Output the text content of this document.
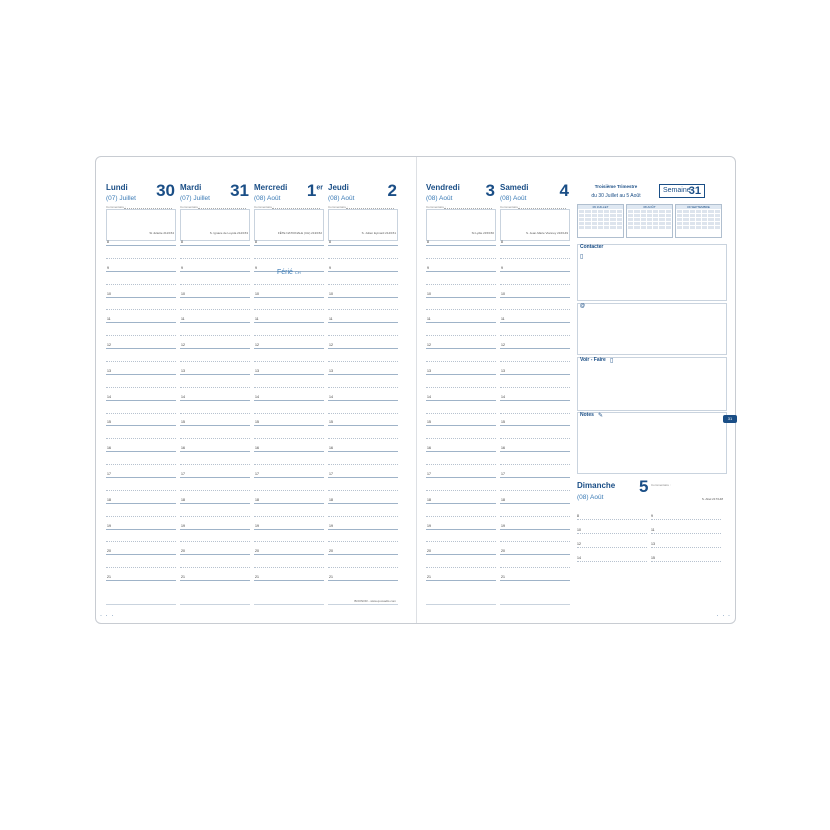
Lundi 30
(07) Juillet
Commentaire :
St Juliette 211/154
8
9
10
11
12
13
14
15
16
17
18
19
20
21
Mardi 31
(07) Juillet
Commentaire :
S. Ignace de Loyola 212/153
8
9
10
11
12
13
14
15
16
17
18
19
20
21
Mercredi 1er
(08) Août
Commentaire :
FÊTE NATIONALE (CH) 213/152
8
9
10
11
12
13
14
15
16
17
18
19
20
21
Férié CH
Jeudi 2
(08) Août
Commentaire :
S. Julien Eymard 214/151
8
9
10
11
12
13
14
15
16
17
18
19
20
21
BOONOR - www.quovadis.com
Troisième Trimestre
du 30 Juillet au 5 Août
Semaine
31
06 JUILLET	08 AOÛT	09 SEPTEMBRE
Contacter
▯
@
Voir - Faire ▯
Notes ✎	31
Dimanche 5
(08) Août
Commentaire :
S. Abel 217/148
8	9
10	11
12	13
14	15
Vendredi 3
(08) Août
Commentaire :
St Lydie 215/150
8
9
10
11
12
13
14
15
16
17
18
19
20
21
Samedi 4
(08) Août
Commentaire :
S. Jean-Marie Vianney 216/149
8
9
10
11
12
13
14
15
16
17
18
19
20
21
· · ·	· · ·
